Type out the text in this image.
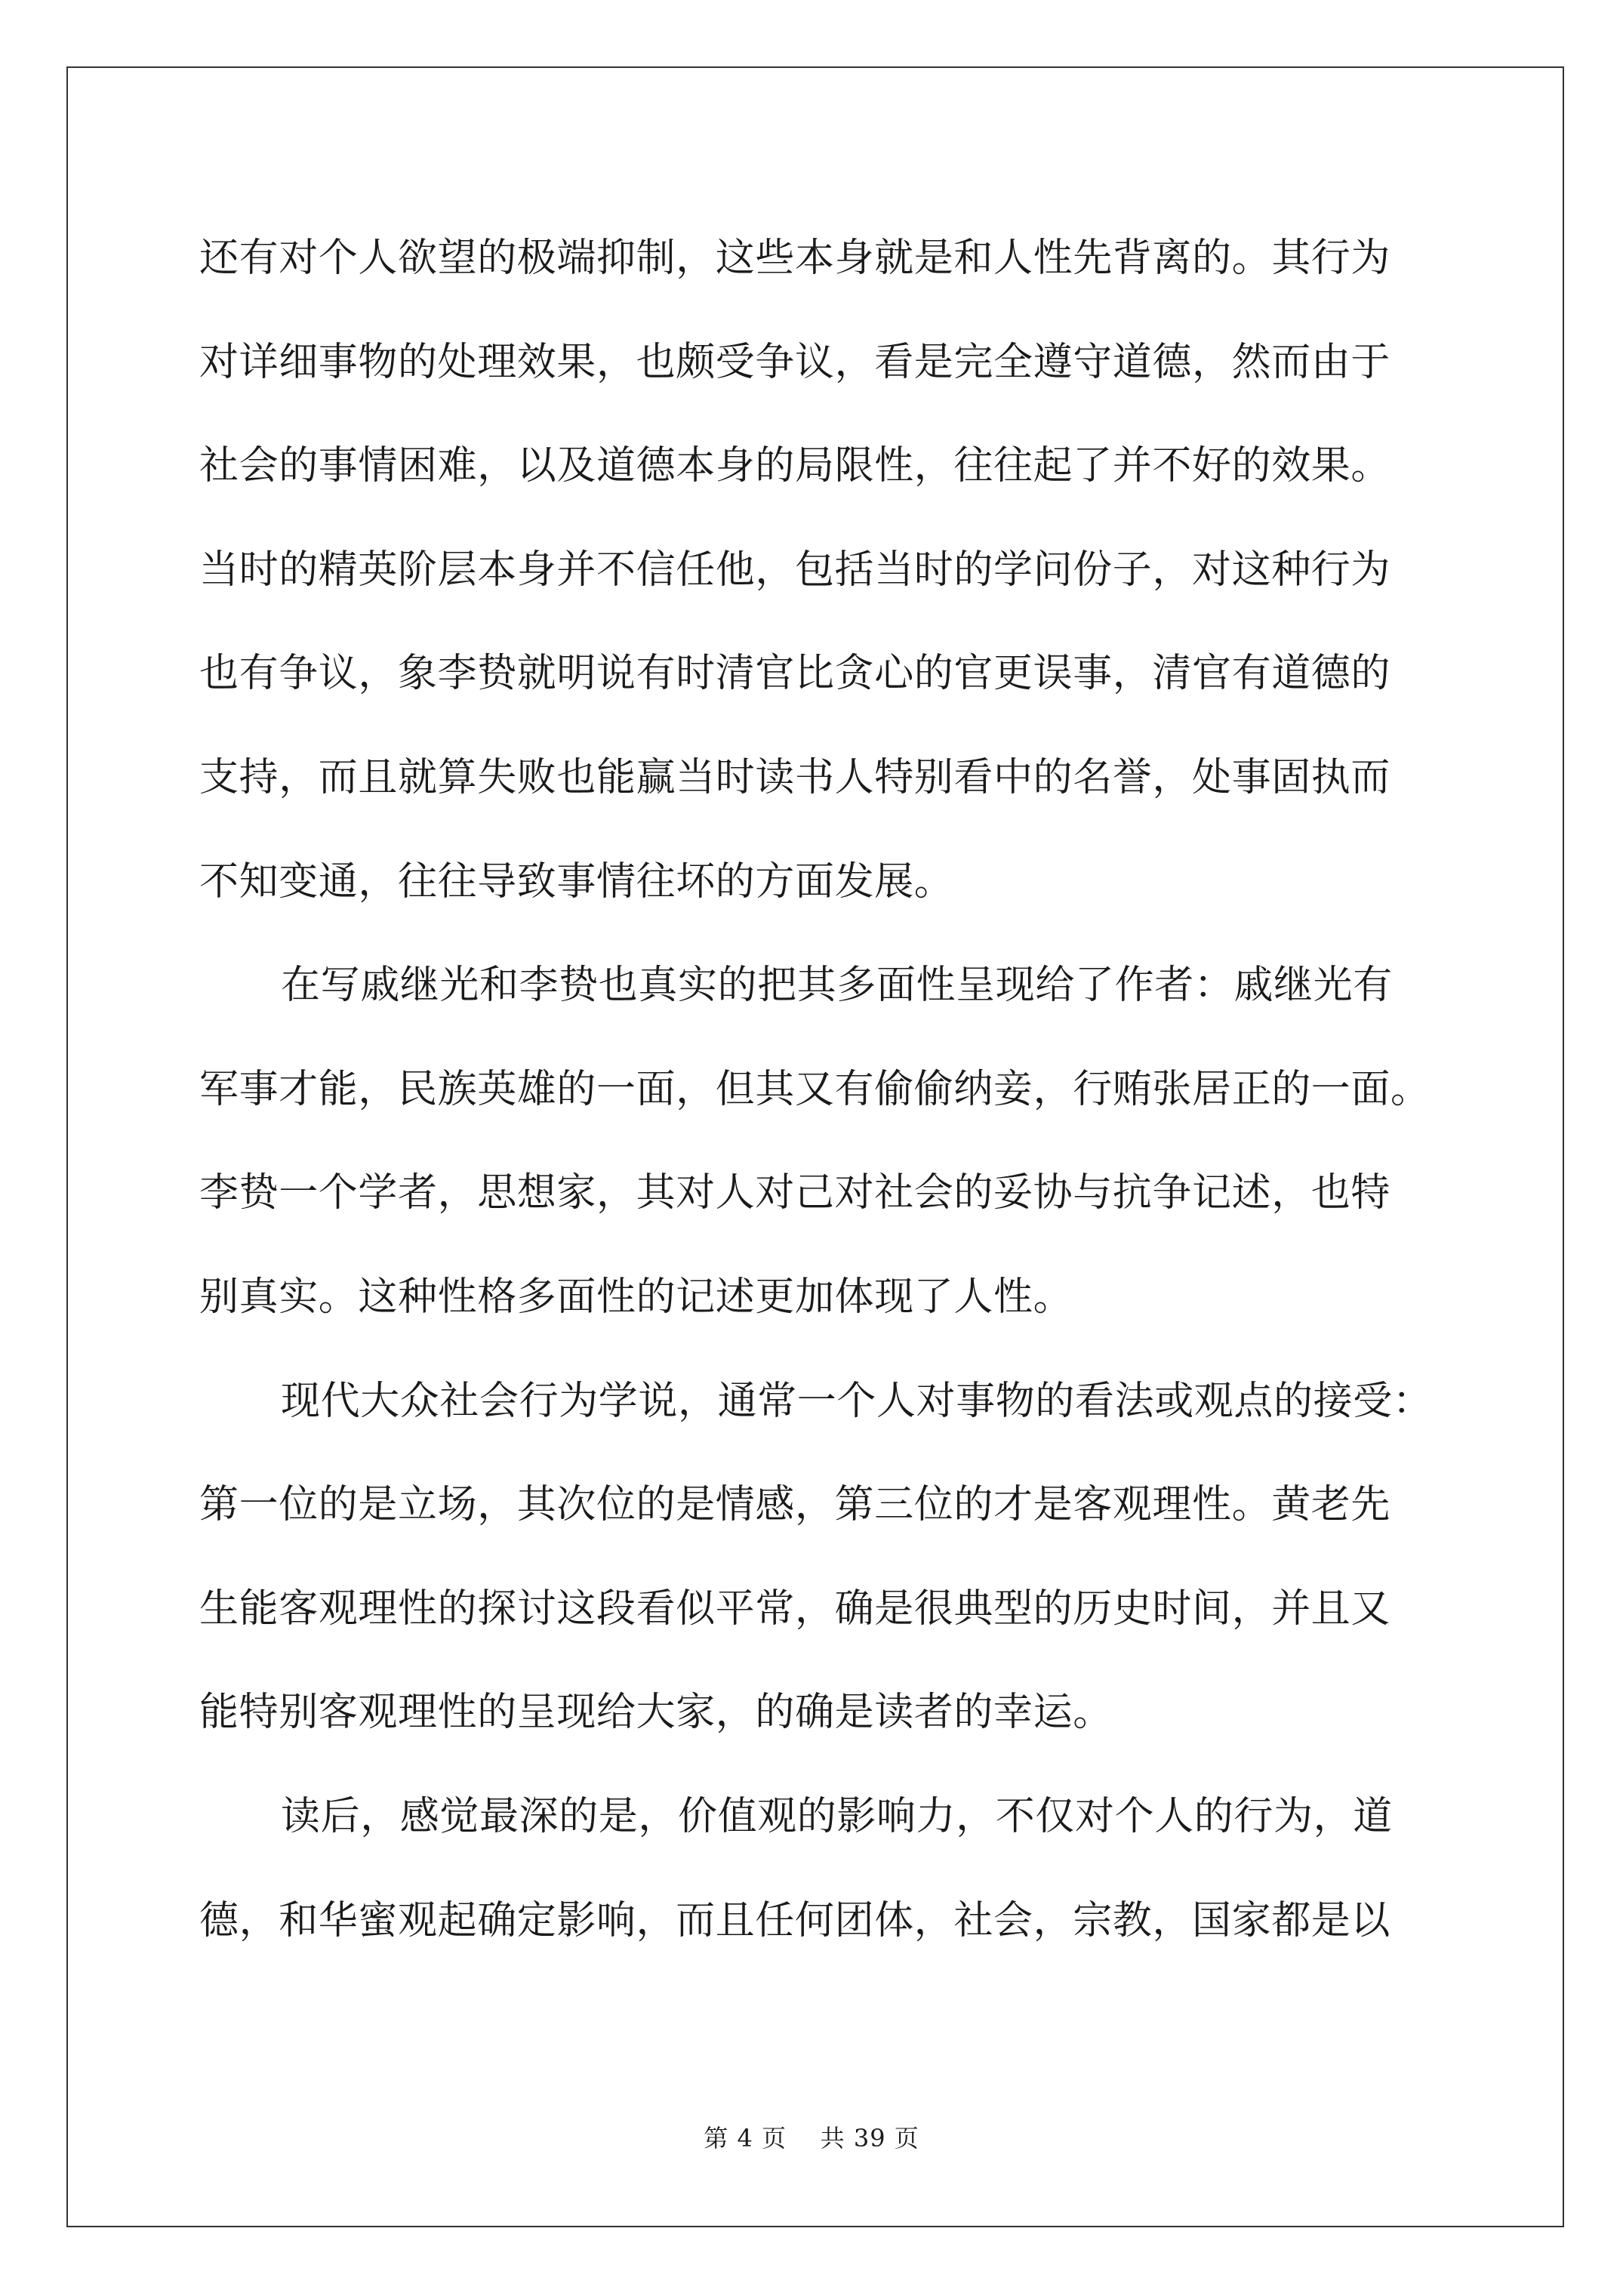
还有对个人欲望的极端抑制，这些本身就是和人性先背离的。其行为
对详细事物的处理效果，也颇受争议，看是完全遵守道德，然而由于
社会的事情困难，以及道德本身的局限性，往往起了并不好的效果。
当时的精英阶层本身并不信任他，包括当时的学问份子，对这种行为
也有争议，象李贽就明说有时清官比贪心的官更误事，清官有道德的
支持，而且就算失败也能赢当时读书人特别看中的名誉，处事固执而
不知变通，往往导致事情往坏的方面发展。
在写戚继光和李贽也真实的把其多面性呈现给了作者：戚继光有
军事才能，民族英雄的一面，但其又有偷偷纳妾，行贿张居正的一面。
李贽一个学者，思想家，其对人对己对社会的妥协与抗争记述，也特
别真实。这种性格多面性的记述更加体现了人性。
现代大众社会行为学说，通常一个人对事物的看法或观点的接受：
第一位的是立场，其次位的是情感，第三位的才是客观理性。黄老先
生能客观理性的探讨这段看似平常，确是很典型的历史时间，并且又
能特别客观理性的呈现给大家，的确是读者的幸运。
读后，感觉最深的是，价值观的影响力，不仅对个人的行为，道
德，和华蜜观起确定影响，而且任何团体，社会，宗教，国家都是以
第 4 页    共 39 页
